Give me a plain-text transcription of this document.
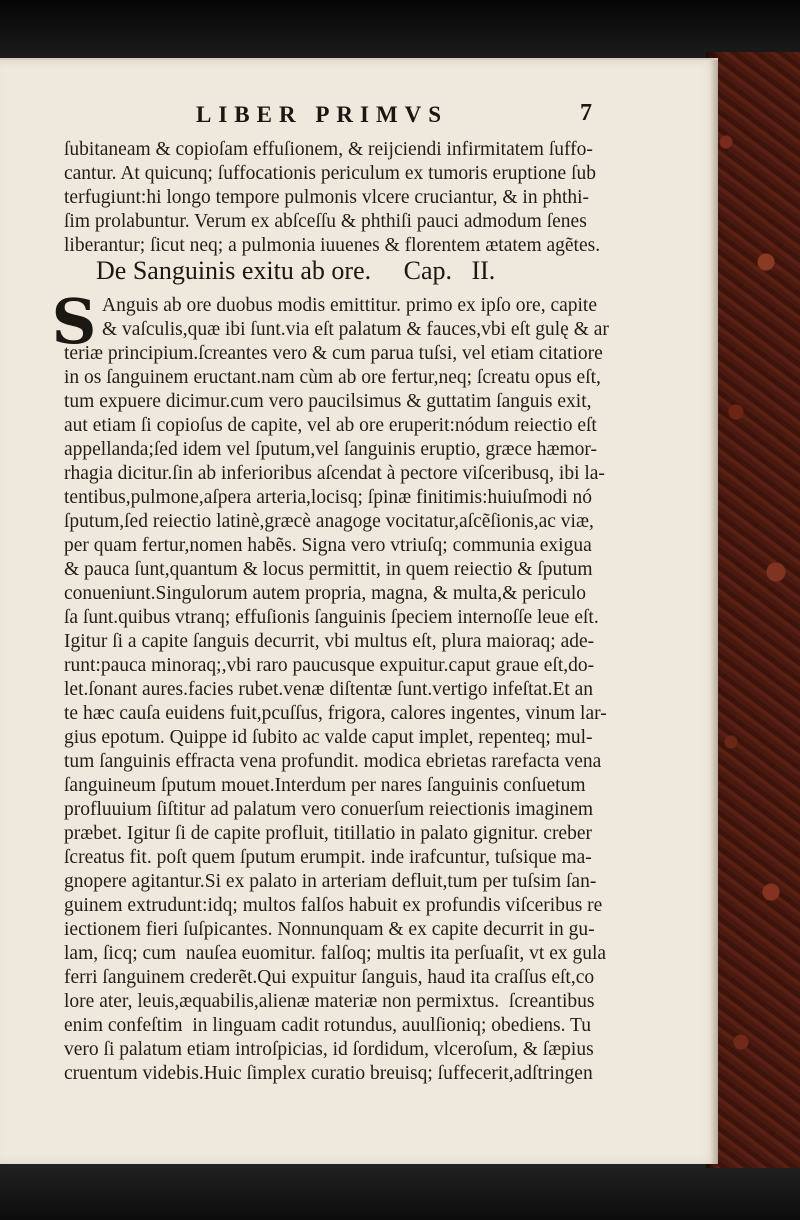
LIBER PRIMVS	7
ſubitaneam & copioſam effuſionem, & reijciendi infirmitatem ſuffo-
cantur. At quicunq; ſuffocationis periculum ex tumoris eruptione ſub
terfugiunt:hi longo tempore pulmonis vlcere cruciantur, & in phthi-
ſim prolabuntur. Verum ex abſceſſu & phthiſi pauci admodum ſenes
liberantur; ſicut neq; a pulmonia iuuenes & florentem ætatem agẽtes.
De Sanguinis exitu ab ore.     Cap.   II.
S Anguis ab ore duobus modis emittitur. primo ex ipſo ore, capite
& vaſculis,quæ ibi ſunt.via eſt palatum & fauces,vbi eſt gulę & ar
teriæ principium.ſcreantes vero & cum parua tuſsi, vel etiam citatiore
in os ſanguinem eructant.nam cùm ab ore fertur,neq; ſcreatu opus eſt,
tum expuere dicimur.cum vero paucilsimus & guttatim ſanguis exit,
aut etiam ſi copioſus de capite, vel ab ore eruperit:nódum reiectio eſt
appellanda;ſed idem vel ſputum,vel ſanguinis eruptio, græce hæmor-
rhagia dicitur.ſin ab inferioribus aſcendat à pectore viſceribusq, ibi la-
tentibus,pulmone,aſpera arteria,locisq; ſpinæ finitimis:huiuſmodi nó
ſputum,ſed reiectio latinè,græcè anagoge vocitatur,aſcẽſionis,ac viæ,
per quam fertur,nomen habẽs. Signa vero vtriuſq; communia exigua
& pauca ſunt,quantum & locus permittit, in quem reiectio & ſputum
conueniunt.Singulorum autem propria, magna, & multa,& periculo
ſa ſunt.quibus vtranq; effuſionis ſanguinis ſpeciem internoſſe leue eſt.
Igitur ſi a capite ſanguis decurrit, vbi multus eſt, plura maioraq; ade-
runt:pauca minoraq;,vbi raro paucusque expuitur.caput graue eſt,do-
let.ſonant aures.facies rubet.venæ diſtentæ ſunt.vertigo infeſtat.Et an
te hæc cauſa euidens fuit,pcuſſus, frigora, calores ingentes, vinum lar-
gius epotum. Quippe id ſubito ac valde caput implet, repenteq; mul-
tum ſanguinis effracta vena profundit. modica ebrietas rarefacta vena
ſanguineum ſputum mouet.Interdum per nares ſanguinis conſuetum
profluuium ſiſtitur ad palatum vero conuerſum reiectionis imaginem
præbet. Igitur ſi de capite profluit, titillatio in palato gignitur. creber
ſcreatus fit. poſt quem ſputum erumpit. inde irafcuntur, tuſsique ma-
gnopere agitantur.Si ex palato in arteriam defluit,tum per tuſsim ſan-
guinem extrudunt:idq; multos falſos habuit ex profundis viſceribus re
iectionem fieri ſuſpicantes. Nonnunquam & ex capite decurrit in gu-
lam, ſicq; cum  nauſea euomitur. falſoq; multis ita perſuaſit, vt ex gula
ferri ſanguinem crederẽt.Qui expuitur ſanguis, haud ita craſſus eſt,co
lore ater, leuis,æquabilis,alienæ materiæ non permixtus.  ſcreantibus
enim confeſtim  in linguam cadit rotundus, auulſioniq; obediens. Tu
vero ſi palatum etiam introſpicias, id ſordidum, vlceroſum, & ſæpius
cruentum videbis.Huic ſimplex curatio breuisq; ſuffecerit,adſtringen
